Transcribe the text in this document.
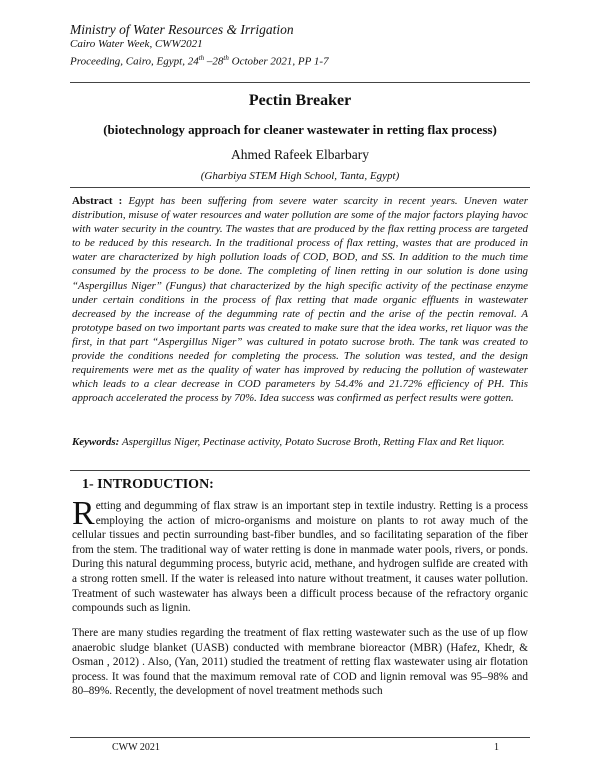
Ministry of Water Resources & Irrigation
Cairo Water Week, CWW2021
Proceeding, Cairo, Egypt, 24th –28th October 2021, PP 1-7
Pectin Breaker
(biotechnology approach for cleaner wastewater in retting flax process)
Ahmed Rafeek Elbarbary
(Gharbiya STEM High School, Tanta, Egypt)
Abstract : Egypt has been suffering from severe water scarcity in recent years. Uneven water distribution, misuse of water resources and water pollution are some of the major factors playing havoc with water security in the country. The wastes that are produced by the flax retting process are targeted to be reduced by this research. In the traditional process of flax retting, wastes that are produced in water are characterized by high pollution loads of COD, BOD, and SS. In addition to the much time consumed by the process to be done. The completing of linen retting in our solution is done using “Aspergillus Niger” (Fungus) that characterized by the high specific activity of the pectinase enzyme under certain conditions in the process of flax retting that made organic effluents in wastewater decreased by the increase of the degumming rate of pectin and the arise of the pectin removal. A prototype based on two important parts was created to make sure that the idea works, ret liquor was the first, in that part “Aspergillus Niger” was cultured in potato sucrose broth. The tank was created to provide the conditions needed for completing the process. The solution was tested, and the design requirements were met as the quality of water has improved by reducing the pollution of wastewater which leads to a clear decrease in COD parameters by 54.4% and 21.72% efficiency of PH. This approach accelerated the process by 70%. Idea success was confirmed as perfect results were gotten.
Keywords: Aspergillus Niger, Pectinase activity, Potato Sucrose Broth, Retting Flax and Ret liquor.
1- INTRODUCTION:
Retting and degumming of flax straw is an important step in textile industry. Retting is a process employing the action of micro-organisms and moisture on plants to rot away much of the cellular tissues and pectin surrounding bast-fiber bundles, and so facilitating separation of the fiber from the stem. The traditional way of water retting is done in manmade water pools, rivers, or ponds. During this natural degumming process, butyric acid, methane, and hydrogen sulfide are created with a strong rotten smell. If the water is released into nature without treatment, it causes water pollution. Treatment of such wastewater has always been a difficult process because of the refractory organic compounds such as lignin.
There are many studies regarding the treatment of flax retting wastewater such as the use of up flow anaerobic sludge blanket (UASB) conducted with membrane bioreactor (MBR) (Hafez, Khedr, & Osman , 2012) . Also, (Yan, 2011) studied the treatment of retting flax wastewater using air flotation process. It was found that the maximum removal rate of COD and lignin removal was 95–98% and 80–89%. Recently, the development of novel treatment methods such
CWW 2021	1
